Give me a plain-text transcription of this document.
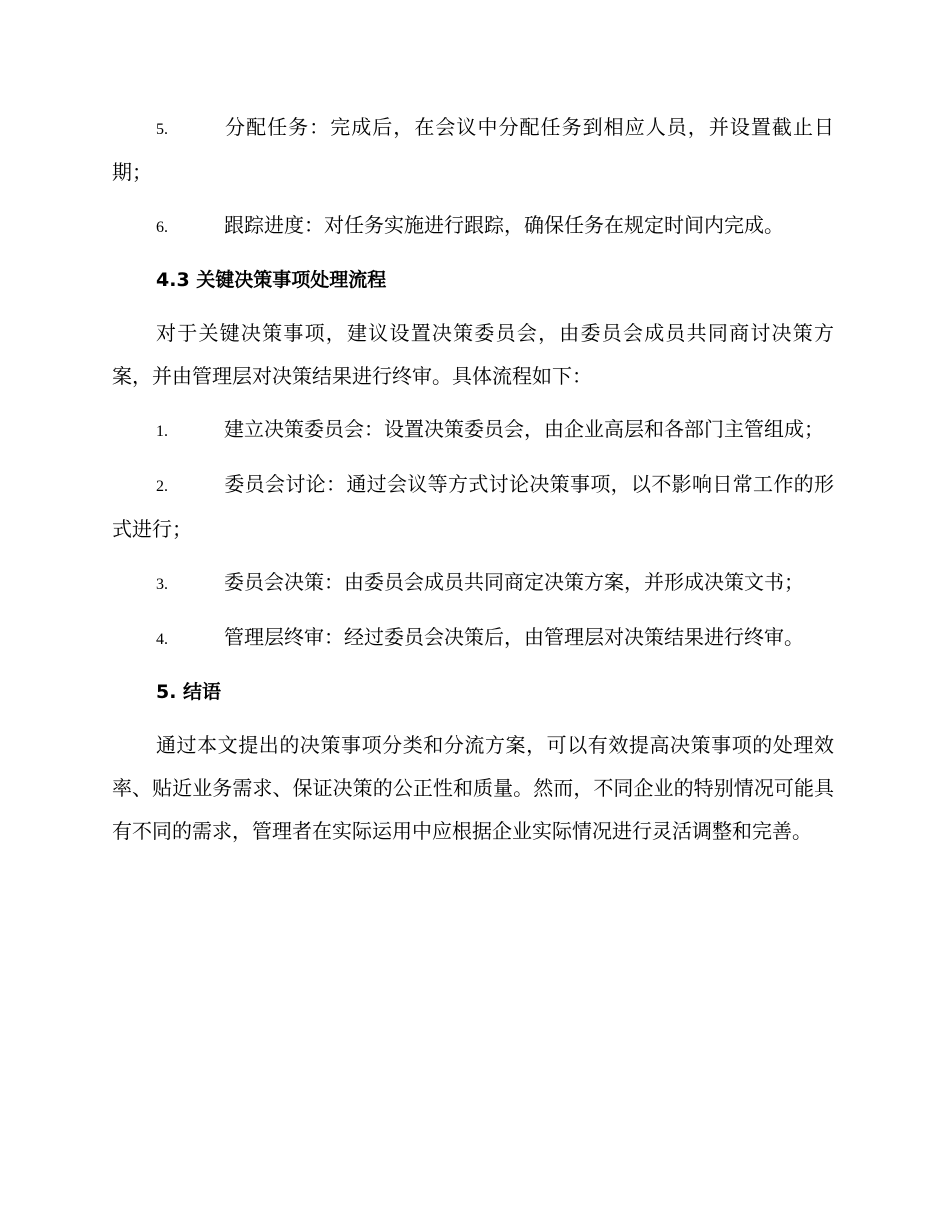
5.	分配任务：完成后，在会议中分配任务到相应人员，并设置截止日期；

6.	跟踪进度：对任务实施进行跟踪，确保任务在规定时间内完成。

4.3 关键决策事项处理流程

对于关键决策事项，建议设置决策委员会，由委员会成员共同商讨决策方案，并由管理层对决策结果进行终审。具体流程如下：

1.	建立决策委员会：设置决策委员会，由企业高层和各部门主管组成；

2.	委员会讨论：通过会议等方式讨论决策事项，以不影响日常工作的形式进行；

3.	委员会决策：由委员会成员共同商定决策方案，并形成决策文书；

4.	管理层终审：经过委员会决策后，由管理层对决策结果进行终审。

5. 结语

通过本文提出的决策事项分类和分流方案，可以有效提高决策事项的处理效率、贴近业务需求、保证决策的公正性和质量。然而，不同企业的特别情况可能具有不同的需求，管理者在实际运用中应根据企业实际情况进行灵活调整和完善。
